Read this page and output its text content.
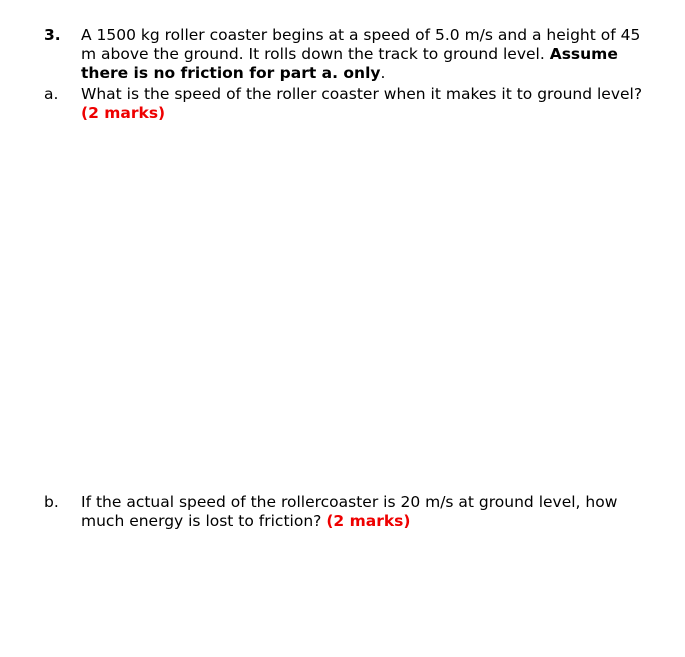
3. A 1500 kg roller coaster begins at a speed of 5.0 m/s and a height of 45
m above the ground. It rolls down the track to ground level. Assume
there is no friction for part a. only.
a. What is the speed of the roller coaster when it makes it to ground level?
(2 marks)
b. If the actual speed of the rollercoaster is 20 m/s at ground level, how
much energy is lost to friction? (2 marks)
